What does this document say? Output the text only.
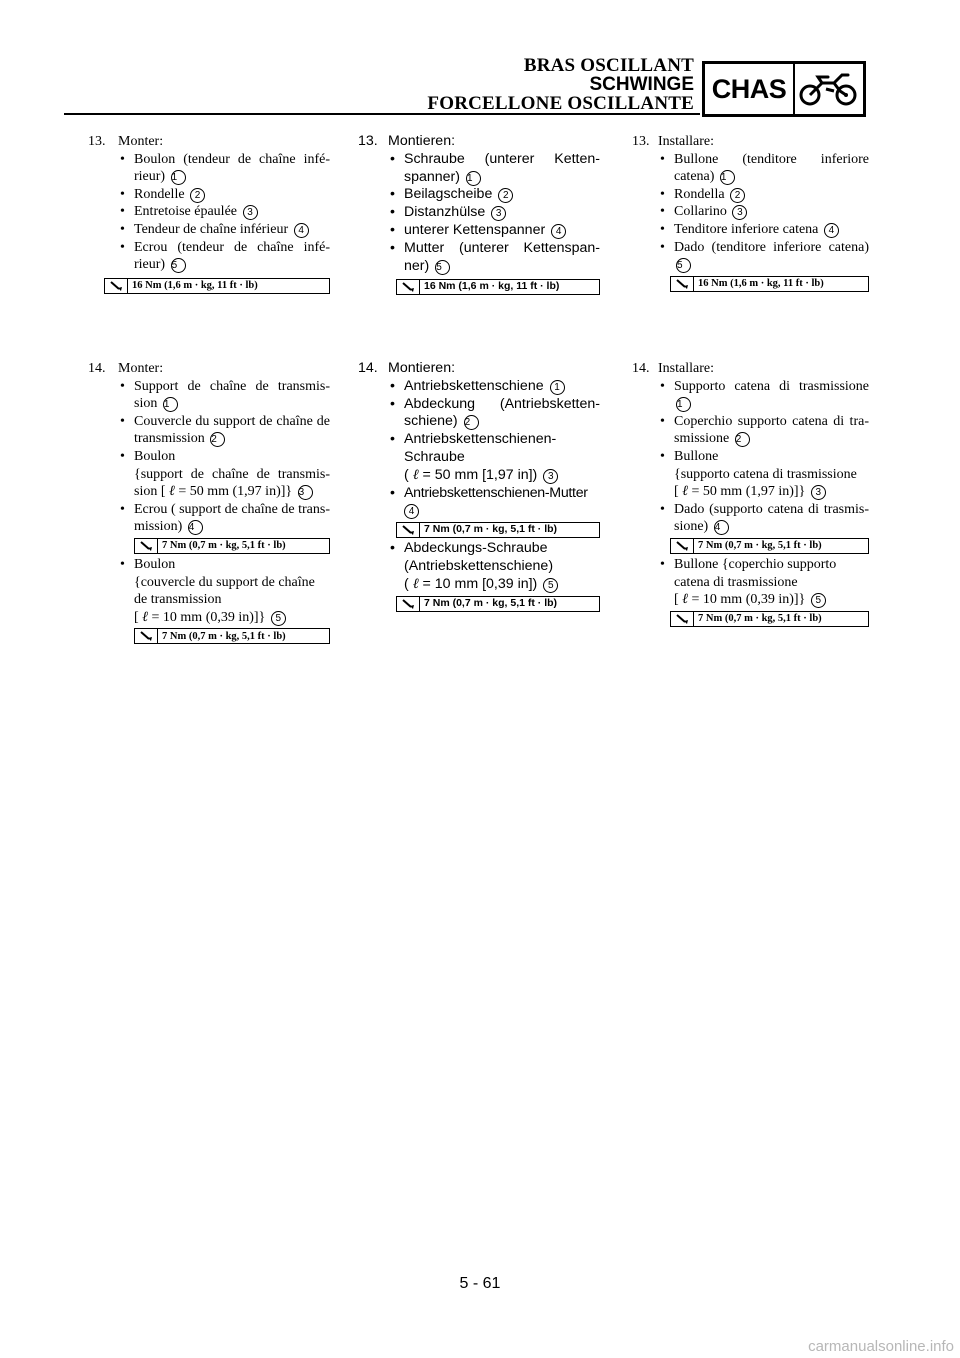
BRAS OSCILLANT
SCHWINGE
FORCELLONE OSCILLANTE CHAS
13. Monter:
• Boulon (tendeur de chaîne infé-rieur) 1
• Rondelle 2
• Entretoise épaulée 3
• Tendeur de chaîne inférieur 4
• Ecrou (tendeur de chaîne infé-rieur) 5
16 Nm (1,6 m · kg, 11 ft · lb)
14. Monter:
• Support de chaîne de transmis-sion 1
• Couvercle du support de chaîne de transmission 2
• Boulon
{support de chaîne de transmis-sion [ ℓ = 50 mm (1,97 in)]} 3
• Ecrou ( support de chaîne de trans-mission) 4
7 Nm (0,7 m · kg, 5,1 ft · lb)
• Boulon
{couvercle du support de chaîne
de transmission
[ ℓ = 10 mm (0,39 in)]} 5
7 Nm (0,7 m · kg, 5,1 ft · lb)
13. Montieren:
• Schraube (unterer Ketten-spanner) 1
• Beilagscheibe 2
• Distanzhülse 3
• unterer Kettenspanner 4
• Mutter (unterer Kettenspan-ner) 5
16 Nm (1,6 m · kg, 11 ft · lb)
14. Montieren:
• Antriebskettenschiene 1
• Abdeckung (Antriebsketten-schiene) 2
• Antriebskettenschienen-
Schraube
( ℓ = 50 mm [1,97 in]) 3
• Antriebskettenschienen-Mutter
4
7 Nm (0,7 m · kg, 5,1 ft · lb)
• Abdeckungs-Schraube
(Antriebskettenschiene)
( ℓ = 10 mm [0,39 in]) 5
7 Nm (0,7 m · kg, 5,1 ft · lb)
13. Installare:
• Bullone (tenditore inferiore catena) 1
• Rondella 2
• Collarino 3
• Tenditore inferiore catena 4
• Dado (tenditore inferiore catena) 5
16 Nm (1,6 m · kg, 11 ft · lb)
14. Installare:
• Supporto catena di trasmissione 1
• Coperchio supporto catena di tra-smissione 2
• Bullone
{supporto catena di trasmissione
[ ℓ = 50 mm (1,97 in)]} 3
• Dado (supporto catena di trasmis-sione) 4
7 Nm (0,7 m · kg, 5,1 ft · lb)
• Bullone {coperchio supporto
catena di trasmissione
[ ℓ = 10 mm (0,39 in)]} 5
7 Nm (0,7 m · kg, 5,1 ft · lb)
5 - 61
carmanualsonline.info
